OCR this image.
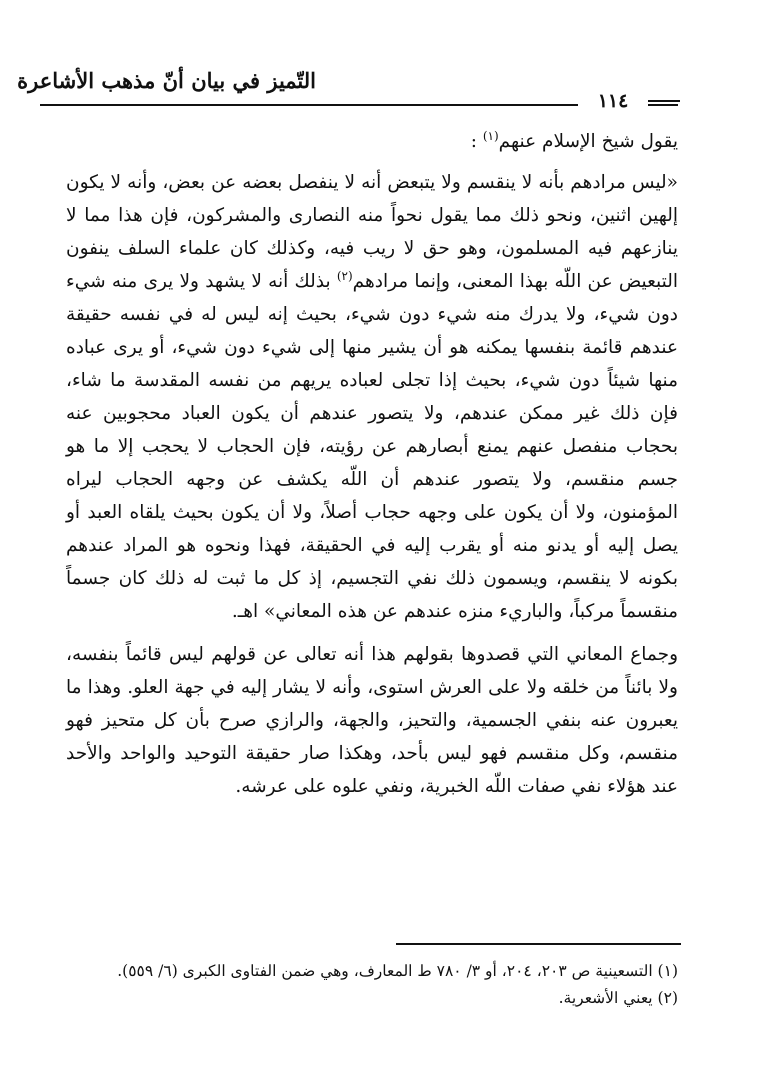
التّميز في بيان أنّ مذهب الأشاعرة
١١٤

يقول شيخ الإسلام عنهم$^{(١)}$ :

«ليس مرادهم بأنه لا ينقسم ولا يتبعض أنه لا ينفصل بعضه عن بعض، وأنه لا يكون إلهين اثنين، ونحو ذلك مما يقول نحواً منه النصارى والمشركون، فإن هذا مما لا ينازعهم فيه المسلمون، وهو حق لا ريب فيه، وكذلك كان علماء السلف ينفون التبعيض عن اللّه بهذا المعنى، وإنما مرادهم$^{(٢)}$ بذلك أنه لا يشهد ولا يرى منه شيء دون شيء، ولا يدرك منه شيء دون شيء، بحيث إنه ليس له في نفسه حقيقة عندهم قائمة بنفسها يمكنه هو أن يشير منها إلى شيء دون شيء، أو يرى عباده منها شيئاً دون شيء، بحيث إذا تجلى لعباده يريهم من نفسه المقدسة ما شاء، فإن ذلك غير ممكن عندهم، ولا يتصور عندهم أن يكون العباد محجوبين عنه بحجاب منفصل عنهم يمنع أبصارهم عن رؤيته، فإن الحجاب لا يحجب إلا ما هو جسم منقسم، ولا يتصور عندهم أن اللّه يكشف عن وجهه الحجاب ليراه المؤمنون، ولا أن يكون على وجهه حجاب أصلاً، ولا أن يكون بحيث يلقاه العبد أو يصل إليه أو يدنو منه أو يقرب إليه في الحقيقة، فهذا ونحوه هو المراد عندهم بكونه لا ينقسم، ويسمون ذلك نفي التجسيم، إذ كل ما ثبت له ذلك كان جسماً منقسماً مركباً، والباريء منزه عندهم عن هذه المعاني» اهـ.

وجماع المعاني التي قصدوها بقولهم هذا أنه تعالى عن قولهم ليس قائماً بنفسه، ولا بائناً من خلقه ولا على العرش استوى، وأنه لا يشار إليه في جهة العلو. وهذا ما يعبرون عنه بنفي الجسمية، والتحيز، والجهة، والرازي صرح بأن كل متحيز فهو منقسم، وكل منقسم فهو ليس بأحد، وهكذا صار حقيقة التوحيد والواحد والأحد عند هؤلاء نفي صفات اللّه الخبرية، ونفي علوه على عرشه.

(١) التسعينية ص ٢٠٣، ٢٠٤، أو ٣/ ٧٨٠ ط المعارف، وهي ضمن الفتاوى الكبرى (٦/ ٥٥٩).
(٢) يعني الأشعرية.
